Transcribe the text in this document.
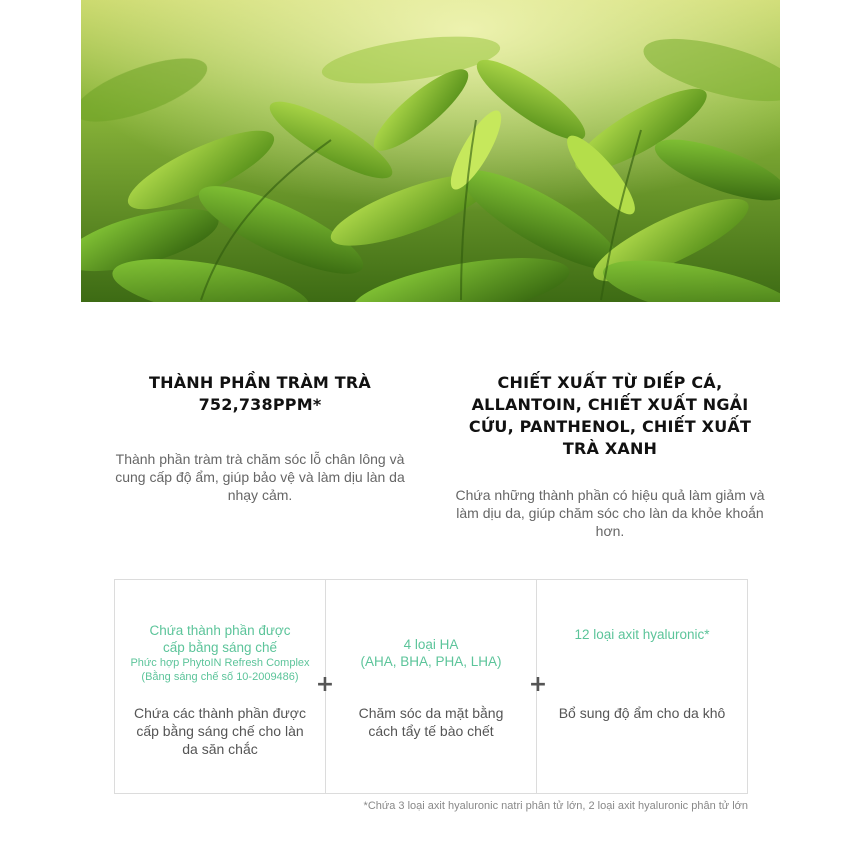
THÀNH PHẦN TRÀM TRÀ 752,738PPM*

Thành phần tràm trà chăm sóc lỗ chân lông và cung cấp độ ẩm, giúp bảo vệ và làm dịu làn da nhạy cảm.

CHIẾT XUẤT TỪ DIẾP CÁ, ALLANTOIN, CHIẾT XUẤT NGẢI CỨU, PANTHENOL, CHIẾT XUẤT TRÀ XANH

Chứa những thành phần có hiệu quả làm giảm và làm dịu da, giúp chăm sóc cho làn da khỏe khoắn hơn.

Chứa thành phần được cấp bằng sáng chế
Phức hợp PhytoIN Refresh Complex (Bằng sáng chế số 10-2009486)
Chứa các thành phần được cấp bằng sáng chế cho làn da săn chắc
4 loại HA
(AHA, BHA, PHA, LHA)
Chăm sóc da mặt bằng cách tẩy tế bào chết
12 loại axit hyaluronic*
Bổ sung độ ẩm cho da khô
+	+
*Chứa 3 loại axit hyaluronic natri phân tử lớn, 2 loại axit hyaluronic phân tử lớn
